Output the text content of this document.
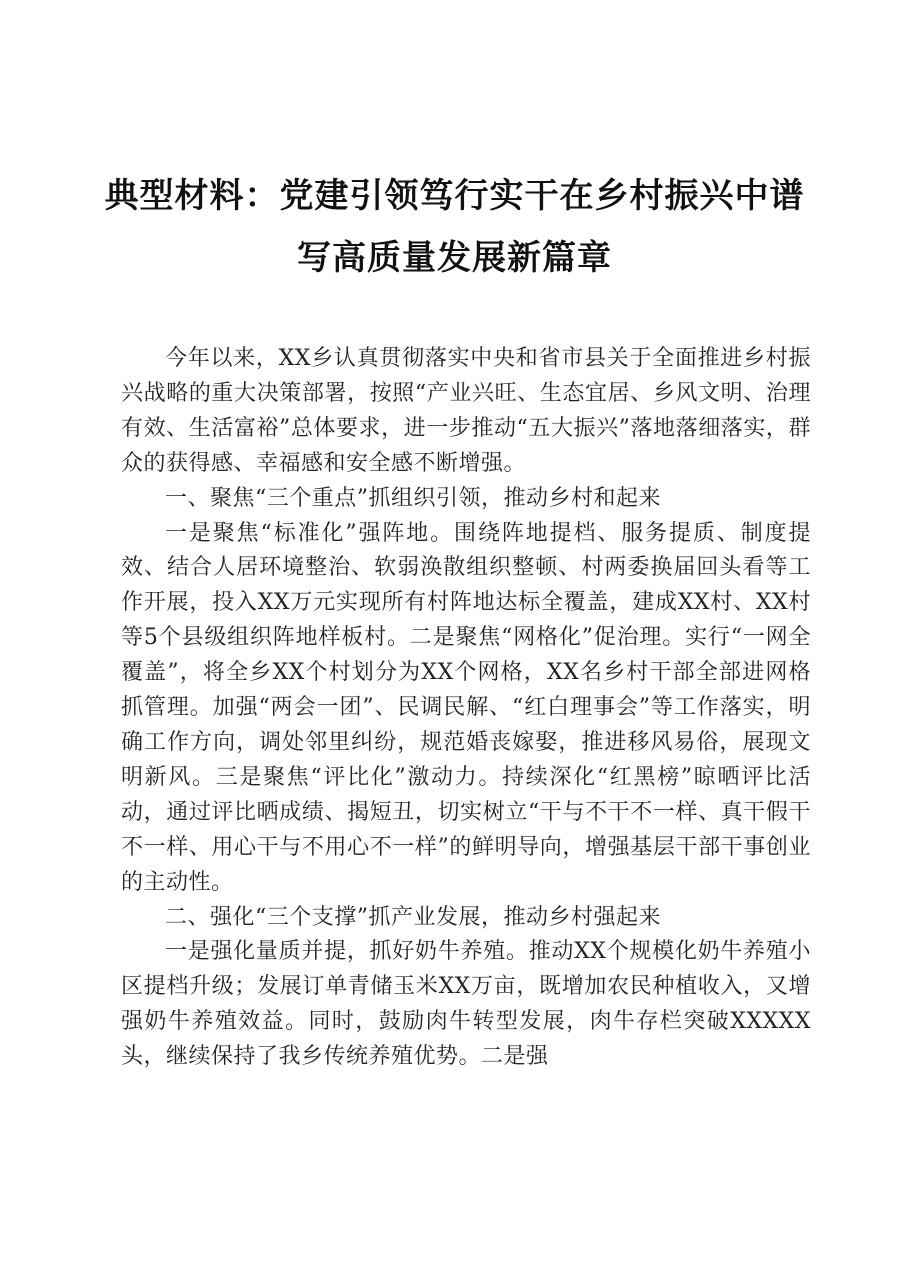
典型材料：党建引领笃行实干在乡村振兴中谱
写高质量发展新篇章

今年以来，XX乡认真贯彻落实中央和省市县关于全面推进乡村振兴战略的重大决策部署，按照“产业兴旺、生态宜居、乡风文明、治理有效、生活富裕”总体要求，进一步推动“五大振兴”落地落细落实，群众的获得感、幸福感和安全感不断增强。

一、聚焦“三个重点”抓组织引领，推动乡村和起来

一是聚焦“标准化”强阵地。围绕阵地提档、服务提质、制度提效、结合人居环境整治、软弱涣散组织整顿、村两委换届回头看等工作开展，投入XX万元实现所有村阵地达标全覆盖，建成XX村、XX村等5个县级组织阵地样板村。二是聚焦“网格化”促治理。实行“一网全覆盖”，将全乡XX个村划分为XX个网格，XX名乡村干部全部进网格抓管理。加强“两会一团”、民调民解、“红白理事会”等工作落实，明确工作方向，调处邻里纠纷，规范婚丧嫁娶，推进移风易俗，展现文明新风。三是聚焦“评比化”激动力。持续深化“红黑榜”晾晒评比活动，通过评比晒成绩、揭短丑，切实树立“干与不干不一样、真干假干不一样、用心干与不用心不一样”的鲜明导向，增强基层干部干事创业的主动性。

二、强化“三个支撑”抓产业发展，推动乡村强起来

一是强化量质并提，抓好奶牛养殖。推动XX个规模化奶牛养殖小区提档升级；发展订单青储玉米XX万亩，既增加农民种植收入，又增强奶牛养殖效益。同时，鼓励肉牛转型发展，肉牛存栏突破XXXXX头，继续保持了我乡传统养殖优势。二是强
